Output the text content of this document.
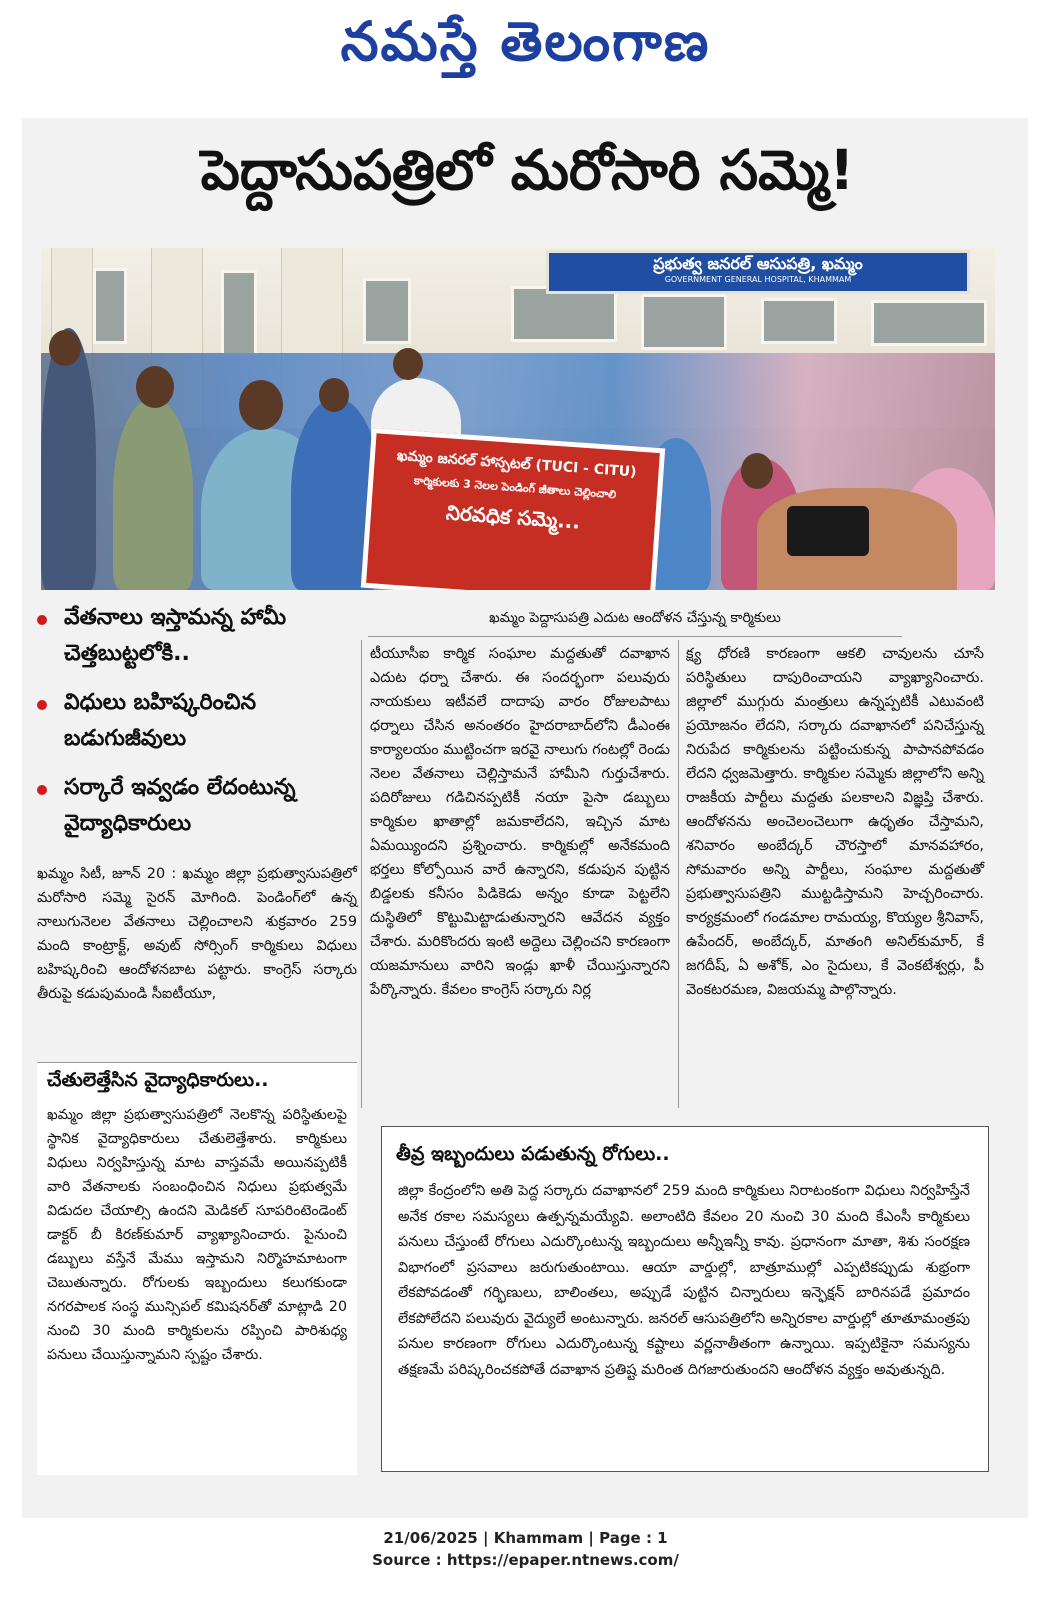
నమస్తే తెలంగాణ
పెద్దాసుపత్రిలో మరోసారి సమ్మె!
ప్రభుత్వ జనరల్ ఆసుపత్రి, ఖమ్మం
GOVERNMENT GENERAL HOSPITAL, KHAMMAM
ఖమ్మం జనరల్ హాస్పటల్ (TUCI - CITU)
కార్మికులకు 3 నెలల పెండింగ్ జీతాలు చెల్లించాలి
నిరవధిక సమ్మె...
ఖమ్మం పెద్దాసుపత్రి ఎదుట ఆందోళన చేస్తున్న కార్మికులు
వేతనాలు ఇస్తామన్న హామీ చెత్తబుట్టలోకి..
విధులు బహిష్కరించిన బడుగుజీవులు
సర్కారే ఇవ్వడం లేదంటున్న వైద్యాధికారులు

ఖమ్మం సిటీ, జూన్ 20 : ఖమ్మం జిల్లా ప్రభుత్వాసుపత్రిలో మరోసారి సమ్మె సైరన్ మోగింది. పెండింగ్‌లో ఉన్న నాలుగునెలల వేతనాలు చెల్లించాలని శుక్రవారం 259 మంది కాంట్రాక్ట్, అవుట్ సోర్సింగ్ కార్మికులు విధులు బహిష్కరించి ఆందోళనబాట పట్టారు. కాంగ్రెస్ సర్కారు తీరుపై కడుపుమండి సీఐటీయూ,

టీయూసీఐ కార్మిక సంఘాల మద్దతుతో దవాఖాన ఎదుట ధర్నా చేశారు. ఈ సందర్భంగా పలువురు నాయకులు ఇటీవలే దాదాపు వారం రోజులపాటు ధర్నాలు చేసిన అనంతరం హైదరాబాద్‌లోని డీఎంఈ కార్యాలయం ముట్టించగా ఇరవై నాలుగు గంటల్లో రెండు నెలల వేతనాలు చెల్లిస్తామనే హామీని గుర్తుచేశారు. పదిరోజులు గడిచినప్పటికీ నయా పైసా డబ్బులు కార్మికుల ఖాతాల్లో జమకాలేదని, ఇచ్చిన మాట ఏమయ్యిందని ప్రశ్నించారు. కార్మికుల్లో అనేకమంది భర్తలు కోల్పోయిన వారే ఉన్నారని, కడుపున పుట్టిన బిడ్డలకు కనీసం పిడికెడు అన్నం కూడా పెట్టలేని దుస్థితిలో కొట్టుమిట్టాడుతున్నారని ఆవేదన వ్యక్తం చేశారు. మరికొందరు ఇంటి అద్దెలు చెల్లించని కారణంగా యజమానులు వారిని ఇండ్లు ఖాళీ చేయిస్తున్నారని పేర్కొన్నారు. కేవలం కాంగ్రెస్ సర్కారు నిర్ల

క్ష్య ధోరణి కారణంగా ఆకలి చావులను చూసే పరిస్థితులు దాపురించాయని వ్యాఖ్యానించారు. జిల్లాలో ముగ్గురు మంత్రులు ఉన్నప్పటికీ ఎటువంటి ప్రయోజనం లేదని, సర్కారు దవాఖానలో పనిచేస్తున్న నిరుపేద కార్మికులను పట్టించుకున్న పాపానపోవడం లేదని ధ్వజమెత్తారు. కార్మికుల సమ్మెకు జిల్లాలోని అన్ని రాజకీయ పార్టీలు మద్దతు పలకాలని విజ్ఞప్తి చేశారు. ఆందోళనను అంచెలంచెలుగా ఉధృతం చేస్తామని, శనివారం అంబేద్కర్ చౌరస్తాలో మానవహారం, సోమవారం అన్ని పార్టీలు, సంఘాల మద్దతుతో ప్రభుత్వాసుపత్రిని ముట్టడిస్తామని హెచ్చరించారు. కార్యక్రమంలో గండమాల రామయ్య, కొయ్యల శ్రీనివాస్, ఉపేందర్, అంబేద్కర్, మాతంగి అనిల్‌కుమార్, కే జగదీష్, ఏ అశోక్, ఎం సైదులు, కే వెంకటేశ్వర్లు, పీ వెంకటరమణ, విజయమ్మ పాల్గొన్నారు.

చేతులెత్తేసిన వైద్యాధికారులు..
ఖమ్మం జిల్లా ప్రభుత్వాసుపత్రిలో నెలకొన్న పరిస్థితులపై స్థానిక వైద్యాధికారులు చేతులెత్తేశారు. కార్మికులు విధులు నిర్వహిస్తున్న మాట వాస్తవమే అయినప్పటికీ వారి వేతనాలకు సంబంధించిన నిధులు ప్రభుత్వమే విడుదల చేయాల్సి ఉందని మెడికల్ సూపరింటెండెంట్ డాక్టర్ బీ కిరణ్‌కుమార్ వ్యాఖ్యానించారు. పైనుంచి డబ్బులు వస్తేనే మేము ఇస్తామని నిర్మొహమాటంగా చెబుతున్నారు. రోగులకు ఇబ్బందులు కలుగకుండా నగరపాలక సంస్థ మున్సిపల్ కమిషనర్‌తో మాట్లాడి 20 నుంచి 30 మంది కార్మికులను రప్పించి పారిశుధ్య పనులు చేయిస్తున్నామని స్పష్టం చేశారు.
తీవ్ర ఇబ్బందులు పడుతున్న రోగులు..
జిల్లా కేంద్రంలోని అతి పెద్ద సర్కారు దవాఖానలో 259 మంది కార్మికులు నిరాటంకంగా విధులు నిర్వహిస్తేనే అనేక రకాల సమస్యలు ఉత్పన్నమయ్యేవి. అలాంటిది కేవలం 20 నుంచి 30 మంది కేఎంసీ కార్మికులు పనులు చేస్తుంటే రోగులు ఎదుర్కొంటున్న ఇబ్బందులు అన్నీఇన్నీ కావు. ప్రధానంగా మాతా, శిశు సంరక్షణ విభాగంలో ప్రసవాలు జరుగుతుంటాయి. ఆయా వార్డుల్లో, బాత్రూముల్లో ఎప్పటికప్పుడు శుభ్రంగా లేకపోవడంతో గర్భిణులు, బాలింతలు, అప్పుడే పుట్టిన చిన్నారులు ఇన్ఫెక్షన్ బారినపడే ప్రమాదం లేకపోలేదని పలువురు వైద్యులే అంటున్నారు. జనరల్ ఆసుపత్రిలోని అన్నిరకాల వార్డుల్లో తూతూమంత్రపు పనుల కారణంగా రోగులు ఎదుర్కొంటున్న కష్టాలు వర్ణనాతీతంగా ఉన్నాయి. ఇప్పటికైనా సమస్యను తక్షణమే పరిష్కరించకపోతే దవాఖాన ప్రతిష్ట మరింత దిగజారుతుందని ఆందోళన వ్యక్తం అవుతున్నది.
21/06/2025 | Khammam | Page : 1
Source : https://epaper.ntnews.com/
